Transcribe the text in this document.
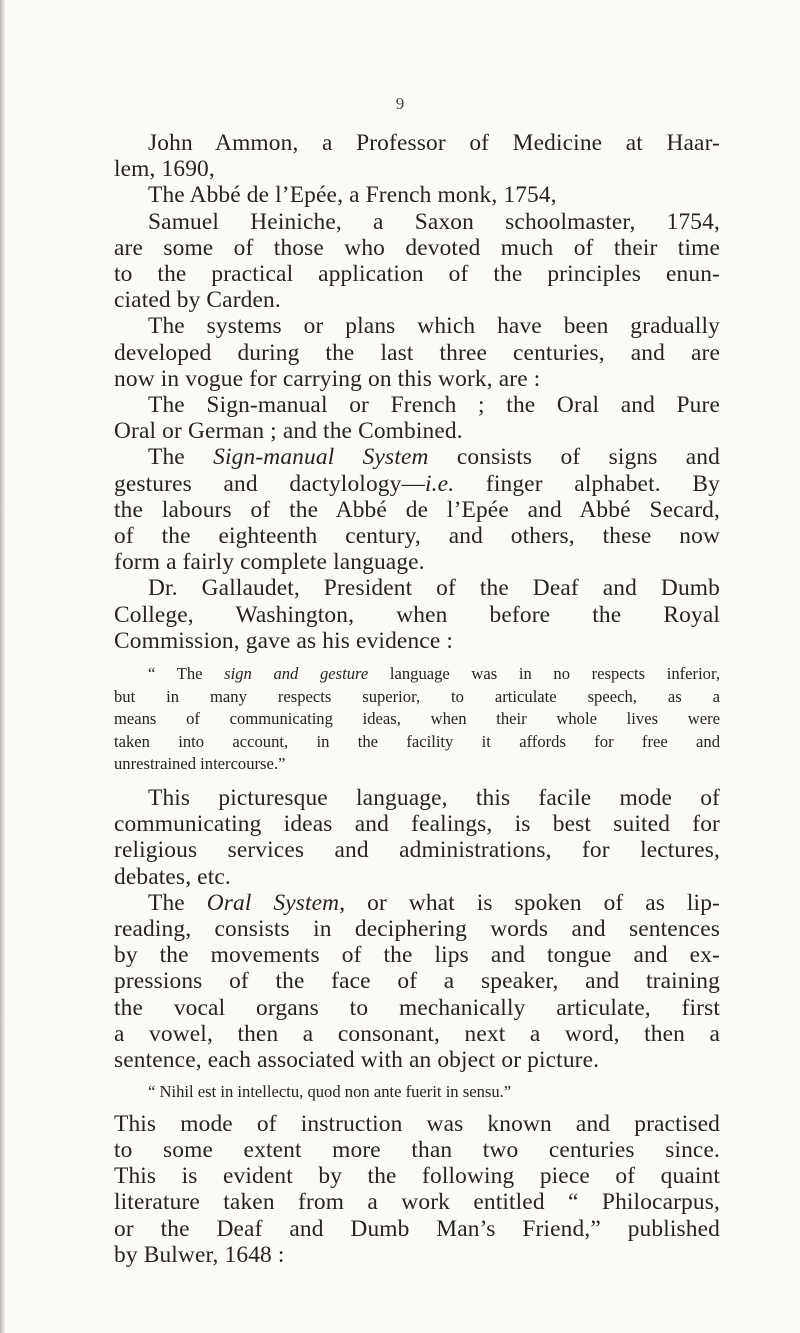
9
John Ammon, a Professor of Medicine at Haar-
lem, 1690,
The Abbé de l’Epée, a French monk, 1754,
Samuel Heiniche, a Saxon schoolmaster, 1754,
are some of those who devoted much of their time
to the practical application of the principles enun-
ciated by Carden.
The systems or plans which have been gradually
developed during the last three centuries, and are
now in vogue for carrying on this work, are :
The Sign-manual or French ; the Oral and Pure
Oral or German ; and the Combined.
The Sign-manual System consists of signs and
gestures and dactylology—i.e. finger alphabet. By
the labours of the Abbé de l’Epée and Abbé Secard,
of the eighteenth century, and others, these now
form a fairly complete language.
Dr. Gallaudet, President of the Deaf and Dumb
College, Washington, when before the Royal
Commission, gave as his evidence :
“ The sign and gesture language was in no respects inferior,
but in many respects superior, to articulate speech, as a
means of communicating ideas, when their whole lives were
taken into account, in the facility it affords for free and
unrestrained intercourse.”
This picturesque language, this facile mode of
communicating ideas and fealings, is best suited for
religious services and administrations, for lectures,
debates, etc.
The Oral System, or what is spoken of as lip-
reading, consists in deciphering words and sentences
by the movements of the lips and tongue and ex-
pressions of the face of a speaker, and training
the vocal organs to mechanically articulate, first
a vowel, then a consonant, next a word, then a
sentence, each associated with an object or picture.
“ Nihil est in intellectu, quod non ante fuerit in sensu.”
This mode of instruction was known and practised
to some extent more than two centuries since.
This is evident by the following piece of quaint
literature taken from a work entitled “ Philocarpus,
or the Deaf and Dumb Man’s Friend,” published
by Bulwer, 1648 :
